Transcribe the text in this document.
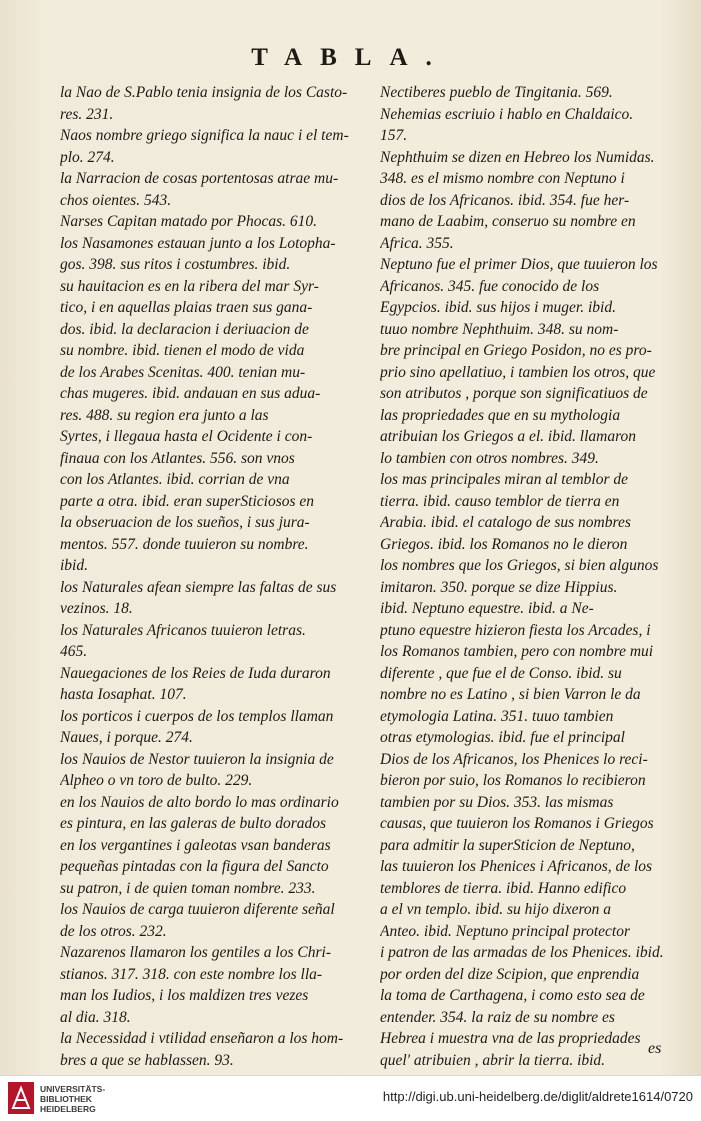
TABLA.
la Nao de S.Pablo tenia insignia de los Casto-
res. 231.
Naos nombre griego significa la nauc i el tem-
plo. 274.
la Narracion de cosas portentosas atrae mu-
chos oientes. 543.
Narses Capitan matado por Phocas. 610.
los Nasamones estauan junto a los Lotopha-
gos. 398. sus ritos i costumbres. ibid.
su hauitacion es en la ribera del mar Syr-
tico, i en aquellas plaias traen sus gana-
dos. ibid. la declaracion i deriuacion de
su nombre. ibid. tienen el modo de vida
de los Arabes Scenitas. 400. tenian mu-
chas mugeres. ibid. andauan en sus adua-
res. 488. su region era junto a las
Syrtes, i llegaua hasta el Ocidente i con-
finaua con los Atlantes. 556. son vnos
con los Atlantes. ibid. corrian de vna
parte a otra. ibid. eran superSticiosos en
la obseruacion de los sueños, i sus jura-
mentos. 557. donde tuuieron su nombre.
ibid.
los Naturales afean siempre las faltas de sus
vezinos. 18.
los Naturales Africanos tuuieron letras.
465.
Nauegaciones de los Reies de Iuda duraron
hasta Iosaphat. 107.
los porticos i cuerpos de los templos llaman
Naues, i porque. 274.
los Nauios de Nestor tuuieron la insignia de
Alpheo o vn toro de bulto. 229.
en los Nauios de alto bordo lo mas ordinario
es pintura, en las galeras de bulto dorados
en los vergantines i galeotas vsan banderas
pequeñas pintadas con la figura del Sancto
su patron, i de quien toman nombre. 233.
los Nauios de carga tuuieron diferente señal
de los otros. 232.
Nazarenos llamaron los gentiles a los Chri-
stianos. 317. 318. con este nombre los lla-
man los Iudios, i los maldizen tres vezes
al dia. 318.
la Necessidad i vtilidad enseñaron a los hom-
bres a que se hablassen. 93.
Nectiberes pueblo de Tingitania. 569.
Nehemias escriuio i hablo en Chaldaico.
157.
Nephthuim se dizen en Hebreo los Numidas.
348. es el mismo nombre con Neptuno i
dios de los Africanos. ibid. 354. fue her-
mano de Laabim, conseruo su nombre en
Africa. 355.
Neptuno fue el primer Dios, que tuuieron los
Africanos. 345. fue conocido de los
Egypcios. ibid. sus hijos i muger. ibid.
tuuo nombre Nephthuim. 348. su nom-
bre principal en Griego Posidon, no es pro-
prio sino apellatiuo, i tambien los otros, que
son atributos , porque son significatiuos de
las propriedades que en su mythologia
atribuian los Griegos a el. ibid. llamaron
lo tambien con otros nombres. 349.
los mas principales miran al temblor de
tierra. ibid. causo temblor de tierra en
Arabia. ibid. el catalogo de sus nombres
Griegos. ibid. los Romanos no le dieron
los nombres que los Griegos, si bien algunos
imitaron. 350. porque se dize Hippius.
ibid. Neptuno equestre. ibid. a Ne-
ptuno equestre hizieron fiesta los Arcades, i
los Romanos tambien, pero con nombre mui
diferente , que fue el de Conso. ibid. su
nombre no es Latino , si bien Varron le da
etymologia Latina. 351. tuuo tambien
otras etymologias. ibid. fue el principal
Dios de los Africanos, los Phenices lo reci-
bieron por suio, los Romanos lo recibieron
tambien por su Dios. 353. las mismas
causas, que tuuieron los Romanos i Griegos
para admitir la superSticion de Neptuno,
las tuuieron los Phenices i Africanos, de los
temblores de tierra. ibid. Hanno edifico
a el vn templo. ibid. su hijo dixeron a
Anteo. ibid. Neptuno principal protector
i patron de las armadas de los Phenices. ibid.
por orden del dize Scipion, que enprendia
la toma de Carthagena, i como esto sea de
entender. 354. la raiz de su nombre es
Hebrea i muestra vna de las propriedades
quel' atribuien , abrir la tierra. ibid.
es
UNIVERSITÄTS-
BIBLIOTHEK
HEIDELBERG
http://digi.ub.uni-heidelberg.de/diglit/aldrete1614/0720
